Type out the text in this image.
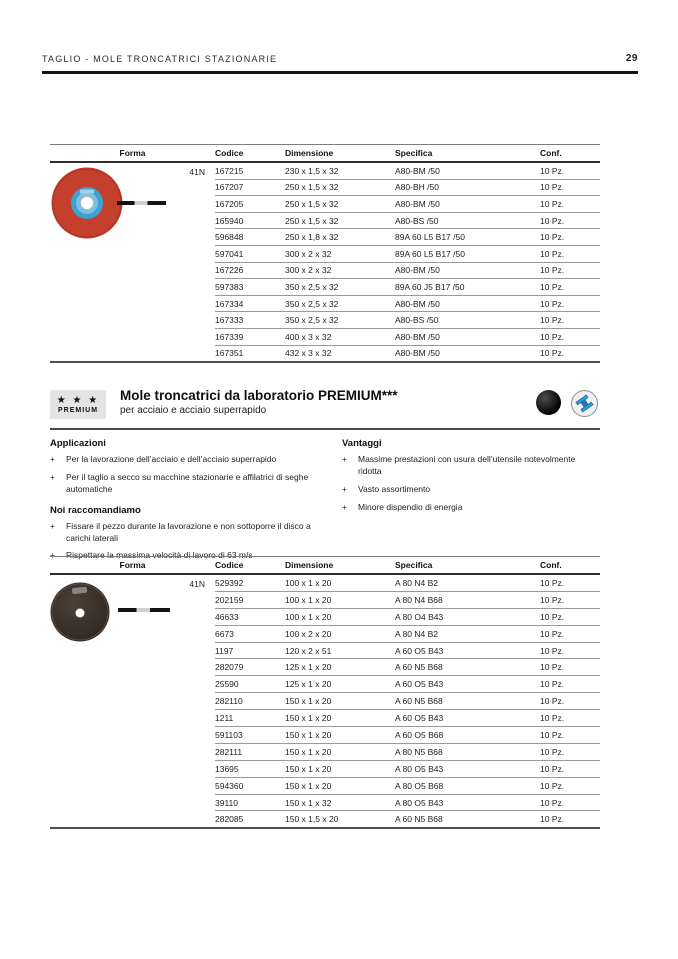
TAGLIO - MOLE TRONCATRICI STAZIONARIE	29
Forma	Codice	Dimensione	Specifica	Conf.
41N 167215	230 x 1,5 x 32	A80-BM /50	10 Pz.
167207	250 x 1,5 x 32	A80-BH /50	10 Pz.
167205	250 x 1,5 x 32	A80-BM /50	10 Pz.
165940	250 x 1,5 x 32	A80-BS /50	10 Pz.
596848	250 x 1,8 x 32	89A 60 L5 B17 /50	10 Pz.
597041	300 x 2 x 32	89A 60 L5 B17 /50	10 Pz.
167226	300 x 2 x 32	A80-BM /50	10 Pz.
597383	350 x 2,5 x 32	89A 60 J5 B17 /50	10 Pz.
167334	350 x 2,5 x 32	A80-BM /50	10 Pz.
167333	350 x 2,5 x 32	A80-BS /50	10 Pz.
167339	400 x 3 x 32	A80-BM /50	10 Pz.
167351	432 x 3 x 32	A80-BM /50	10 Pz.
★ ★ ★
PREMIUM
Mole troncatrici da laboratorio PREMIUM***
per acciaio e acciaio superrapido
Applicazioni
+	Per la lavorazione dell’acciaio e dell’acciaio superrapido
+	Per il taglio a secco su macchine stazionarie e affilatrici di seghe automatiche
Noi raccomandiamo
+	Fissare il pezzo durante la lavorazione e non sottoporre il disco a carichi laterali
+	Rispettare la massima velocità di lavoro di 63 m/s
Vantaggi
+	Massime prestazioni con usura dell’utensile notevolmente ridotta
+	Vasto assortimento
+	Minore dispendio di energia
Forma	Codice	Dimensione	Specifica	Conf.
41N 529392	100 x 1 x 20	A 80 N4 B2	10 Pz.
202159	100 x 1 x 20	A 80 N4 B68	10 Pz.
46633	100 x 1 x 20	A 80 O4 B43	10 Pz.
6673	100 x 2 x 20	A 80 N4 B2	10 Pz.
1197	120 x 2 x 51	A 60 O5 B43	10 Pz.
282079	125 x 1 x 20	A 60 N5 B68	10 Pz.
25590	125 x 1 x 20	A 60 O5 B43	10 Pz.
282110	150 x 1 x 20	A 60 N5 B68	10 Pz.
1211	150 x 1 x 20	A 60 O5 B43	10 Pz.
591103	150 x 1 x 20	A 60 O5 B68	10 Pz.
282111	150 x 1 x 20	A 80 N5 B68	10 Pz.
13695	150 x 1 x 20	A 80 O5 B43	10 Pz.
594360	150 x 1 x 20	A 80 O5 B68	10 Pz.
39110	150 x 1 x 32	A 80 O5 B43	10 Pz.
282085	150 x 1,5 x 20	A 60 N5 B68	10 Pz.
